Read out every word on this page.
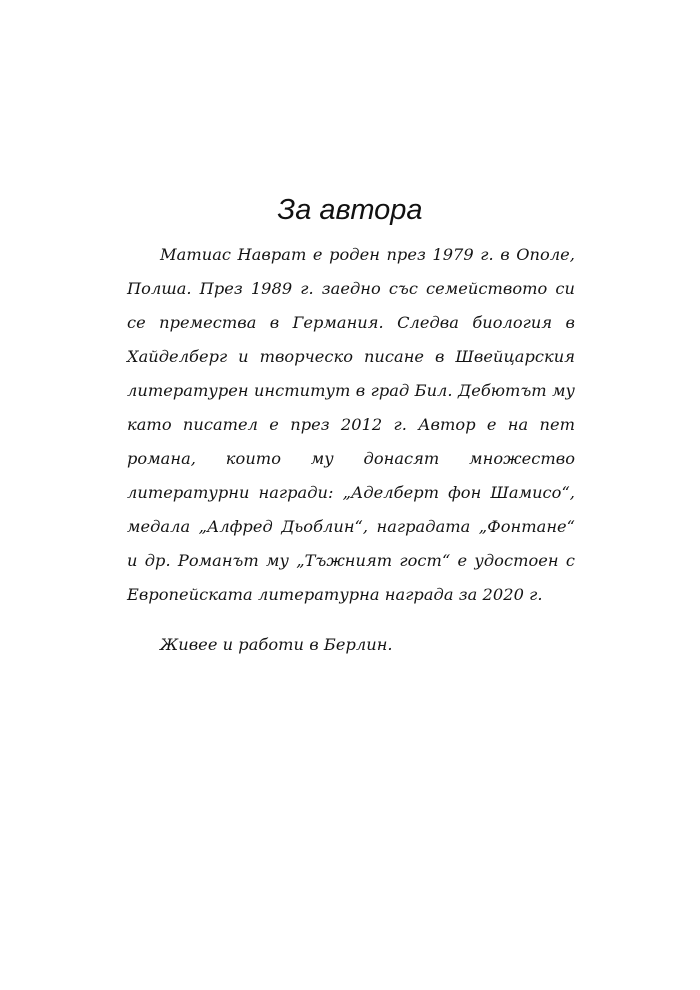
За автора

Матиас Наврат е роден през 1979 г. в Ополе, Полша. През 1989 г. заедно със семейството си се премества в Германия. Следва биология в Хайделберг и творческо писане в Швейцарския литературен институт в град Бил. Дебютът му като писател е през 2012 г. Автор е на пет романа, които му донасят множество литературни награди: „Аделберт фон Шамисо“, медала „Алфред Дьоблин“, наградата „Фонтане“ и др. Романът му „Тъжният гост“ е удостоен с Европейската литературна награда за 2020 г.

Живее и работи в Берлин.
